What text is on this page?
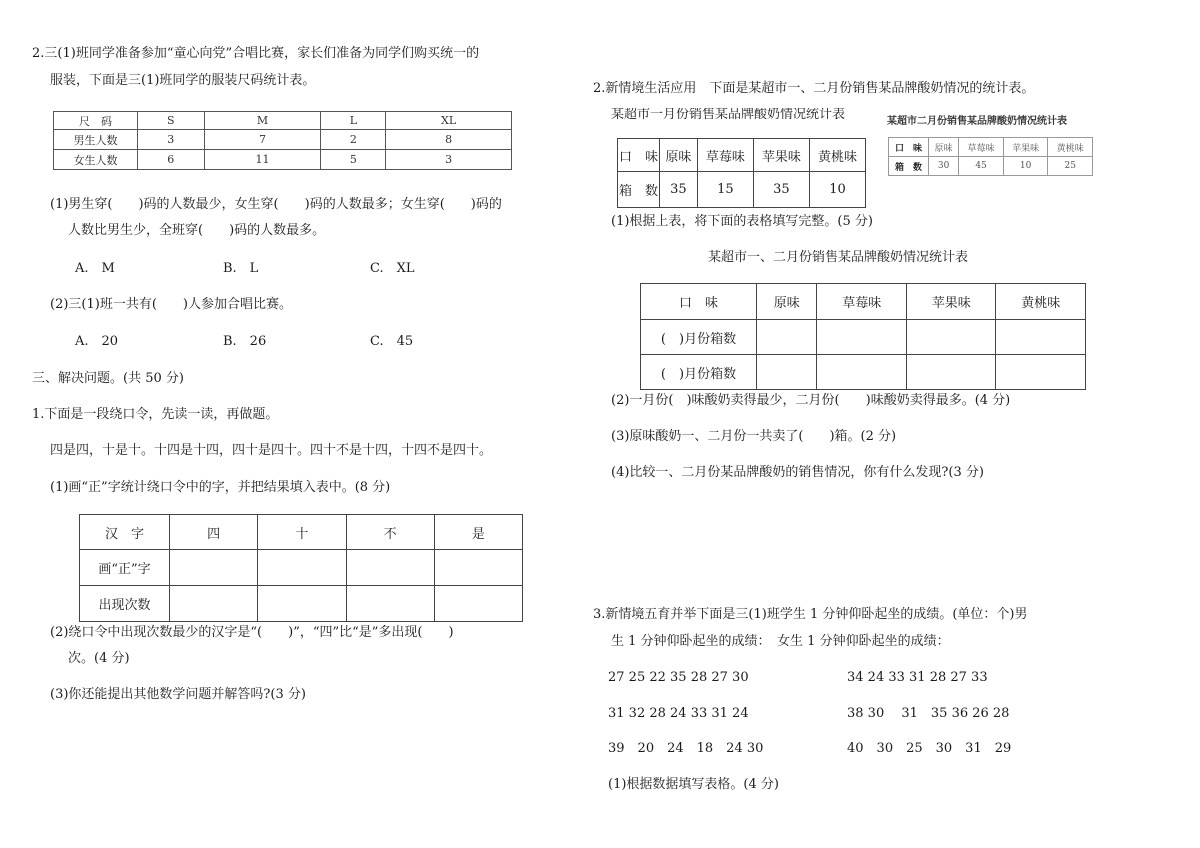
2.三(1)班同学准备参加“童心向党”合唱比赛，家长们准备为同学们购买统一的
服装，下面是三(1)班同学的服装尺码统计表。
尺　码	S	M	L	XL
男生人数	3	7	2	8
女生人数	6	11	5	3
(1)男生穿(　　)码的人数最少，女生穿(　　)码的人数最多；女生穿(　　)码的
人数比男生少，全班穿(　　)码的人数最多。
A.　M	B.　L	C.　XL
(2)三(1)班一共有(　　)人参加合唱比赛。
A.　20	B.　26	C.　45
三、解决问题。(共 50 分)
1.下面是一段绕口令，先读一读，再做题。
四是四，十是十。十四是十四，四十是四十。四十不是十四，十四不是四十。
(1)画“正”字统计绕口令中的字，并把结果填入表中。(8 分)
汉　字	四	十	不	是
画“正”字				
出现次数				
(2)绕口令中出现次数最少的汉字是“(　　)”，“四”比“是”多出现(　　)
次。(4 分)
(3)你还能提出其他数学问题并解答吗?(3 分)
2.新情境生活应用　下面是某超市一、二月份销售某品牌酸奶情况的统计表。
某超市一月份销售某品牌酸奶情况统计表
口　味	原味	草莓味	苹果味	黄桃味
箱　数	35	15	35	10
某超市二月份销售某品牌酸奶情况统计表
口　味	原味	草莓味	苹果味	黄桃味
箱　数	30	45	10	25
(1)根据上表，将下面的表格填写完整。(5 分)
某超市一、二月份销售某品牌酸奶情况统计表
口　味	原味	草莓味	苹果味	黄桃味
(　)月份箱数				
(　)月份箱数				
(2)一月份(　)味酸奶卖得最少，二月份(　　)味酸奶卖得最多。(4 分)
(3)原味酸奶一、二月份一共卖了(　　)箱。(2 分)
(4)比较一、二月份某品牌酸奶的销售情况，你有什么发现?(3 分)
3.新情境五育并举下面是三(1)班学生 1 分钟仰卧起坐的成绩。(单位：个)男
生 1 分钟仰卧起坐的成绩：　女生 1 分钟仰卧起坐的成绩：
27 25 22 35 28 27 30
31 32 28 24 33 31 24
39　20　24　18　24 30
34 24 33 31 28 27 33
38 30　 31　35 36 26 28
40　30　25　30　31　29
(1)根据数据填写表格。(4 分)
